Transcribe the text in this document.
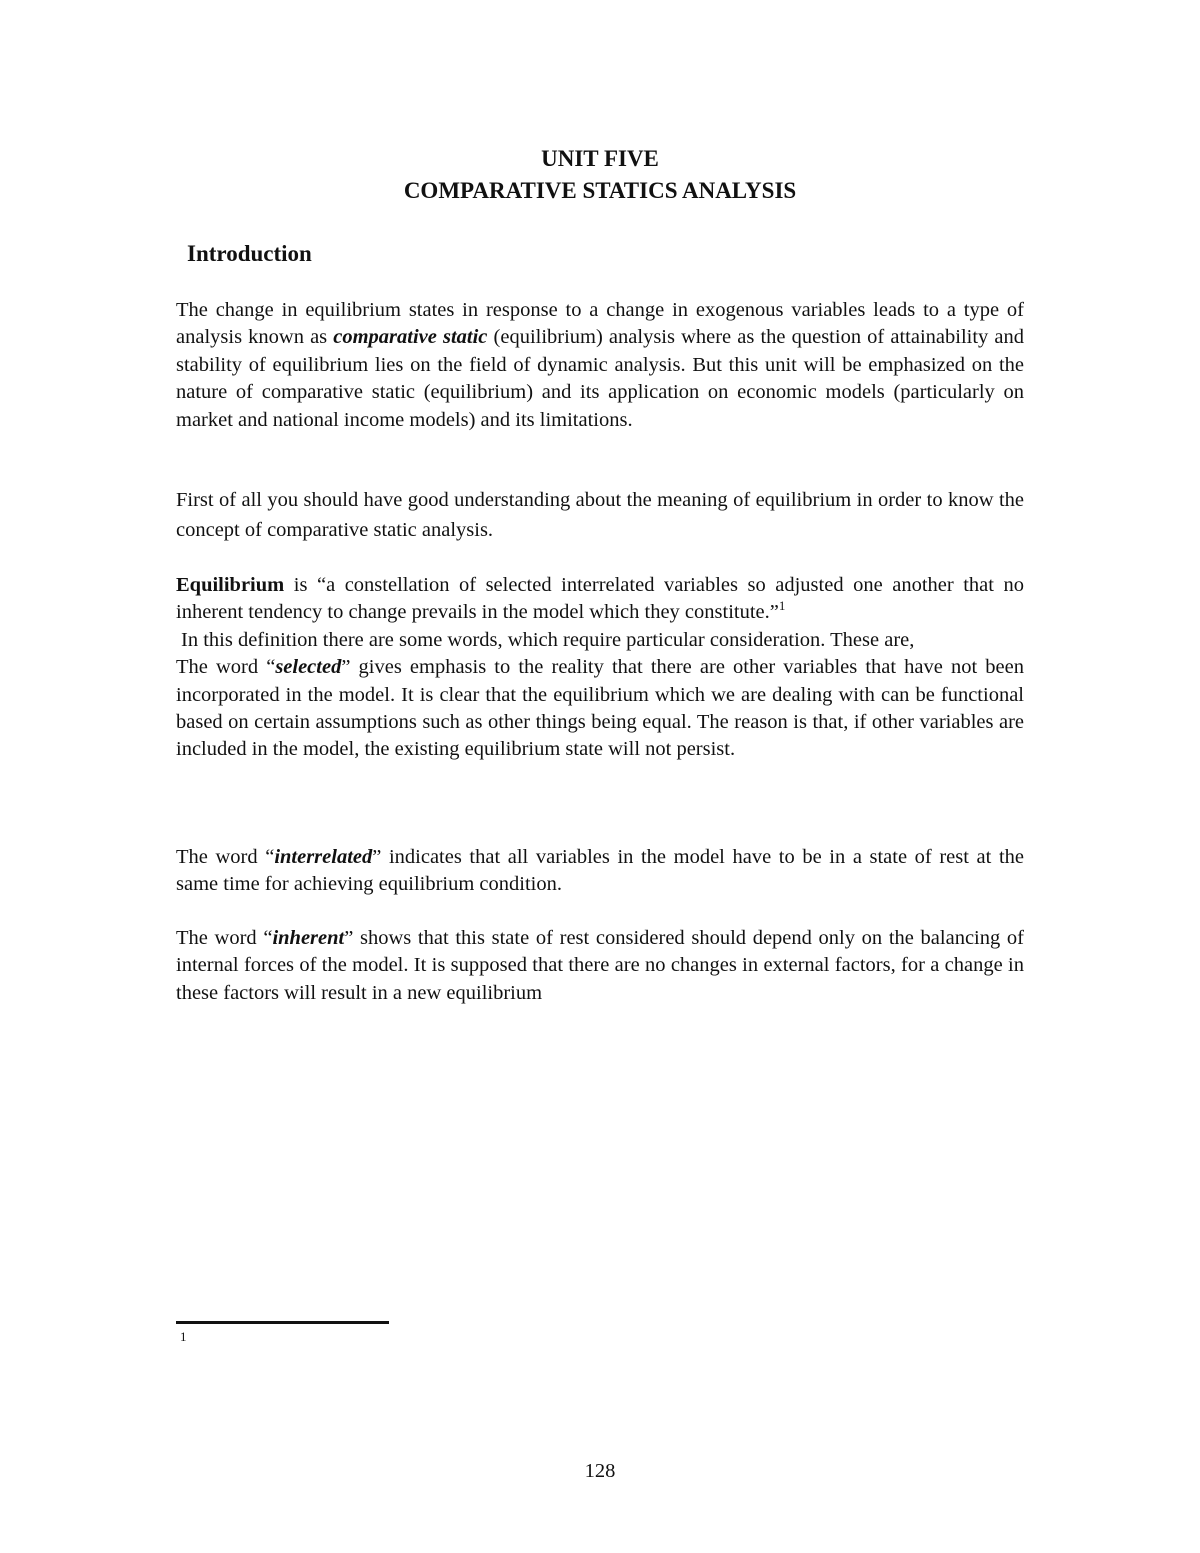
UNIT FIVE
COMPARATIVE STATICS ANALYSIS
Introduction

The change in equilibrium states in response to a change in exogenous variables leads to a type of analysis known as comparative static (equilibrium) analysis where as the question of attainability and stability of equilibrium lies on the field of dynamic analysis. But this unit will be emphasized on the nature of comparative static (equilibrium) and its application on economic models (particularly on market and national income models) and its limitations.

First of all you should have good understanding about the meaning of equilibrium in order to know the concept of comparative static analysis.

Equilibrium is “a constellation of selected interrelated variables so adjusted one another that no inherent tendency to change prevails in the model which they constitute.”$^1$

In this definition there are some words, which require particular consideration. These are,

The word “selected” gives emphasis to the reality that there are other variables that have not been incorporated in the model. It is clear that the equilibrium which we are dealing with can be functional based on certain assumptions such as other things being equal. The reason is that, if other variables are included in the model, the existing equilibrium state will not persist.

The word “interrelated” indicates that all variables in the model have to be in a state of rest at the same time for achieving equilibrium condition.

The word “inherent” shows that this state of rest considered should depend only on the balancing of internal forces of the model. It is supposed that there are no changes in external factors, for a change in these factors will result in a new equilibrium

1
128
